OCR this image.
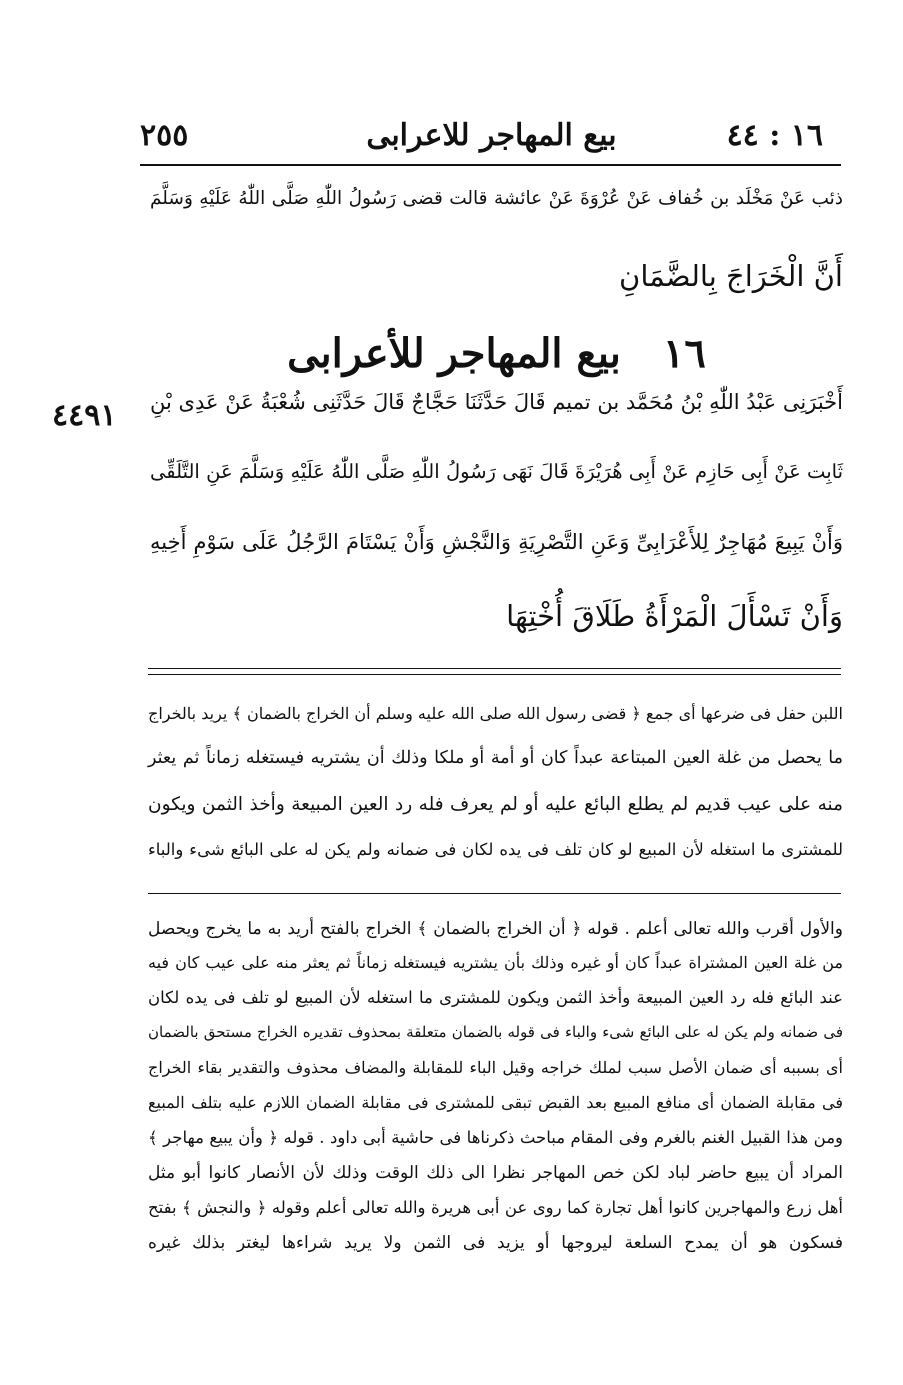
١٦ : ٤٤
بيع المهاجر للاعرابى
٢٥٥
ذئب عَنْ مَخْلَد بن خُفاف عَنْ عُرْوَةَ عَنْ عائشة قالت قضى رَسُولُ اللّٰهِ صَلَّى اللّٰهُ عَلَيْهِ وَسَلَّمَ
أَنَّ الْخَرَاجَ بِالضَّمَانِ
١٦ بيع المهاجر للأعرابى
٤٤٩١ أَخْبَرَنِى عَبْدُ اللّٰهِ بْنُ مُحَمَّد بن تميم قَالَ حَدَّثَنَا حَجَّاجٌ قَالَ حَدَّثَنِى شُعْبَةُ عَنْ عَدِى بْنِ
ثَابِت عَنْ أَبِى حَازِم عَنْ أَبِى هُرَيْرَةَ قَالَ نَهَى رَسُولُ اللّٰهِ صَلَّى اللّٰهُ عَلَيْهِ وَسَلَّمَ عَنِ التَّلَقِّى
وَأَنْ يَبِيعَ مُهَاجِرٌ لِلأَعْرَابِىِّ وَعَنِ التَّصْرِيَةِ وَالنَّجْشِ وَأَنْ يَسْتَامَ الرَّجُلُ عَلَى سَوْمِ أَخِيهِ
وَأَنْ تَسْأَلَ الْمَرْأَةُ طَلَاقَ أُخْتِهَا
اللبن حفل فى ضرعها أى جمع ﴿ قضى رسول الله صلى الله عليه وسلم أن الخراج بالضمان ﴾ يريد بالخراج
ما يحصل من غلة العين المبتاعة عبداً كان أو أمة أو ملكا وذلك أن يشتريه فيستغله زماناً ثم يعثر
منه على عيب قديم لم يطلع البائع عليه أو لم يعرف فله رد العين المبيعة وأخذ الثمن ويكون
للمشترى ما استغله لأن المبيع لو كان تلف فى يده لكان فى ضمانه ولم يكن له على البائع شىء والباء
والأول أقرب والله تعالى أعلم . قوله ﴿ أن الخراج بالضمان ﴾ الخراج بالفتح أريد به ما يخرج ويحصل
من غلة العين المشتراة عبداً كان أو غيره وذلك بأن يشتريه فيستغله زماناً ثم يعثر منه على عيب كان فيه
عند البائع فله رد العين المبيعة وأخذ الثمن ويكون للمشترى ما استغله لأن المبيع لو تلف فى يده لكان
فى ضمانه ولم يكن له على البائع شىء والباء فى قوله بالضمان متعلقة بمحذوف تقديره الخراج مستحق بالضمان
أى بسببه أى ضمان الأصل سبب لملك خراجه وقيل الباء للمقابلة والمضاف محذوف والتقدير بقاء الخراج
فى مقابلة الضمان أى منافع المبيع بعد القبض تبقى للمشترى فى مقابلة الضمان اللازم عليه بتلف المبيع
ومن هذا القبيل الغنم بالغرم وفى المقام مباحث ذكرناها فى حاشية أبى داود . قوله ﴿ وأن يبيع مهاجر ﴾
المراد أن يبيع حاضر لباد لكن خص المهاجر نظرا الى ذلك الوقت وذلك لأن الأنصار كانوا أبو مثل
أهل زرع والمهاجرين كانوا أهل تجارة كما روى عن أبى هريرة والله تعالى أعلم وقوله ﴿ والنجش ﴾ بفتح
فسكون هو أن يمدح السلعة ليروجها أو يزيد فى الثمن ولا يريد شراءها ليغتر بذلك غيره
